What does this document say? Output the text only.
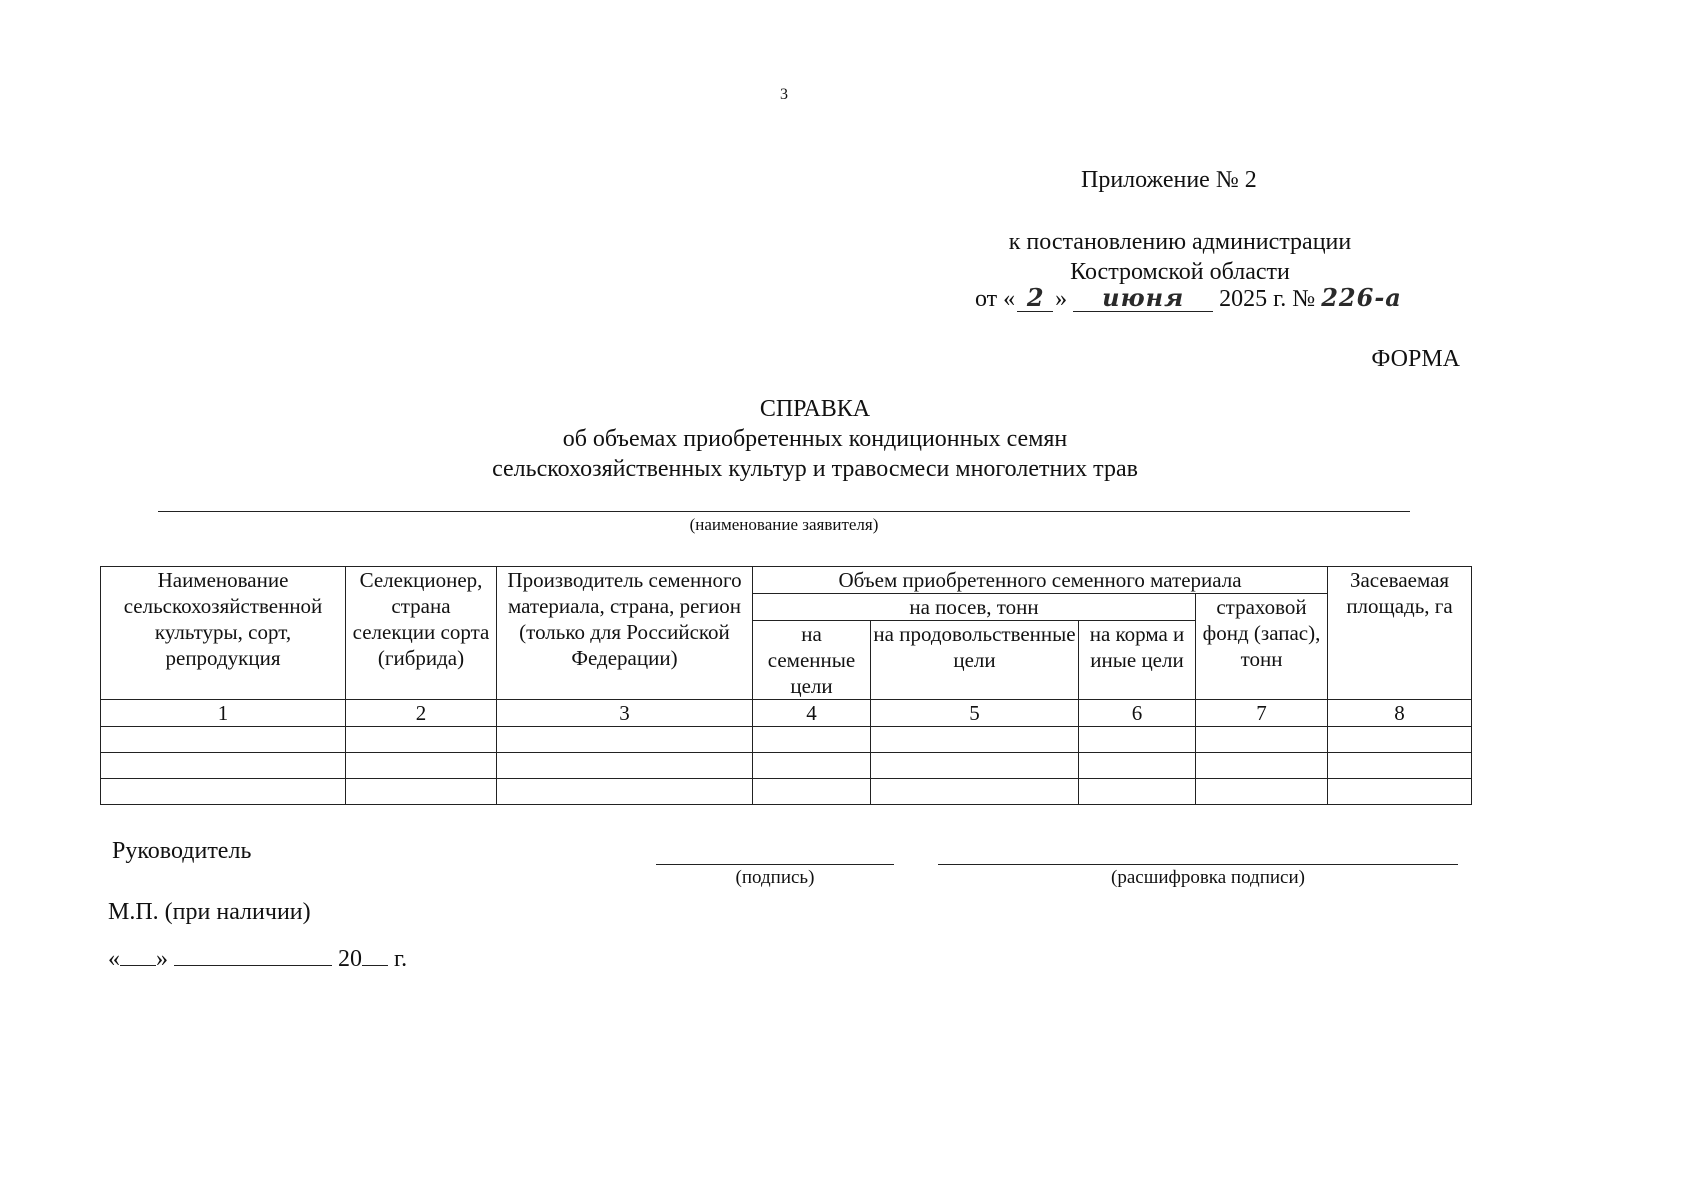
3
Приложение № 2
к постановлению администрации
Костромской области
от « 2 » июня 2025 г. № 226-а
ФОРМА
СПРАВКА
об объемах приобретенных кондиционных семян
сельскохозяйственных культур и травосмеси многолетних трав
(наименование заявителя)
Наименование сельскохозяйственной культуры, сорт, репродукция	Селекционер, страна селекции сорта (гибрида)	Производитель семенного материала, страна, регион (только для Российской Федерации)	Объем приобретенного семенного материала				Засеваемая площадь, га
			на посев, тонн			страховой фонд (запас), тонн	
			на семенные цели	на продовольственные цели	на корма и иные цели		
1	2	3	4	5	6	7	8

Руководитель
(подпись)	(расшифровка подписи)
М.П. (при наличии)
« »	20 г.
